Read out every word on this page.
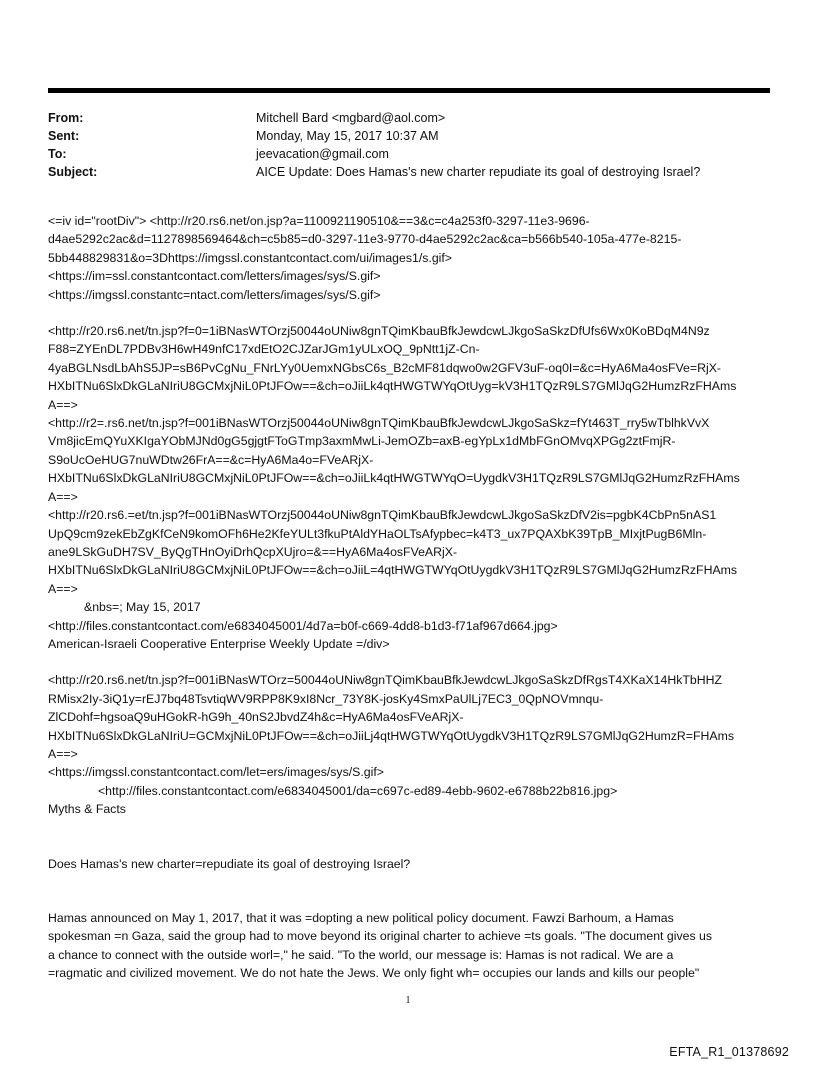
From:	Mitchell Bard <mgbard@aol.com>
Sent:	Monday, May 15, 2017 10:37 AM
To:	jeevacation@gmail.com
Subject:	AICE Update: Does Hamas's new charter repudiate its goal of destroying Israel?
<=iv id="rootDiv"> <http://r20.rs6.net/on.jsp?a=1100921190510&==3&c=c4a253f0-3297-11e3-9696-
d4ae5292c2ac&d=1127898569464&ch=c5b85=d0-3297-11e3-9770-d4ae5292c2ac&ca=b566b540-105a-477e-8215-
5bb448829831&o=3Dhttps://imgssl.constantcontact.com/ui/images1/s.gif>
<https://im=ssl.constantcontact.com/letters/images/sys/S.gif>
<https://imgssl.constantc=ntact.com/letters/images/sys/S.gif>
<http://r20.rs6.net/tn.jsp?f=0=1iBNasWTOrzj50044oUNiw8gnTQimKbauBfkJewdcwLJkgoSaSkzDfUfs6Wx0KoBDqM4N9z
F88=ZYEnDL7PDBv3H6wH49nfC17xdEtO2CJZarJGm1yULxOQ_9pNtt1jZ-Cn-
4yaBGLNsdLbAhS5JP=sB6PvCgNu_FNrLYy0UemxNGbsC6s_B2cMF81dqwo0w2GFV3uF-oq0I=&c=HyA6Ma4osFVe=RjX-
HXbITNu6SlxDkGLaNIriU8GCMxjNiL0PtJFOw==&ch=oJiiLk4qtHWGTWYqOtUyg=kV3H1TQzR9LS7GMlJqG2HumzRzFHAms
A==>
<http://r2=.rs6.net/tn.jsp?f=001iBNasWTOrzj50044oUNiw8gnTQimKbauBfkJewdcwLJkgoSaSkz=fYt463T_rry5wTblhkVvX
Vm8jicEmQYuXKIgaYObMJNd0gG5gjgtFToGTmp3axmMwLi-JemOZb=axB-egYpLx1dMbFGnOMvqXPGg2ztFmjR-
S9oUcOeHUG7nuWDtw26FrA==&c=HyA6Ma4o=FVeARjX-
HXbITNu6SlxDkGLaNIriU8GCMxjNiL0PtJFOw==&ch=oJiiLk4qtHWGTWYqO=UygdkV3H1TQzR9LS7GMlJqG2HumzRzFHAms
A==>
<http://r20.rs6.=et/tn.jsp?f=001iBNasWTOrzj50044oUNiw8gnTQimKbauBfkJewdcwLJkgoSaSkzDfV2is=pgbK4CbPn5nAS1
UpQ9cm9zekEbZgKfCeN9komOFh6He2KfeYULt3fkuPtAldYHaOLTsAfypbec=k4T3_ux7PQAXbK39TpB_MIxjtPugB6Mln-
ane9LSkGuDH7SV_ByQgTHnOyiDrhQcpXUjro=&==HyA6Ma4osFVeARjX-
HXbITNu6SlxDkGLaNIriU8GCMxjNiL0PtJFOw==&ch=oJiiL=4qtHWGTWYqOtUygdkV3H1TQzR9LS7GMlJqG2HumzRzFHAms
A==>
&nbs=; May 15, 2017
<http://files.constantcontact.com/e6834045001/4d7a=b0f-c669-4dd8-b1d3-f71af967d664.jpg>
American-Israeli Cooperative Enterprise Weekly Update =/div>
<http://r20.rs6.net/tn.jsp?f=001iBNasWTOrz=50044oUNiw8gnTQimKbauBfkJewdcwLJkgoSaSkzDfRgsT4XKaX14HkTbHHZ
RMisx2Iy-3iQ1y=rEJ7bq48TsvtiqWV9RPP8K9xI8Ncr_73Y8K-josKy4SmxPaUlLj7EC3_0QpNOVmnqu-
ZlCDohf=hgsoaQ9uHGokR-hG9h_40nS2JbvdZ4h&c=HyA6Ma4osFVeARjX-
HXbITNu6SlxDkGLaNIriU=GCMxjNiL0PtJFOw==&ch=oJiiLj4qtHWGTWYqOtUygdkV3H1TQzR9LS7GMlJqG2HumzR=FHAms
A==>
<https://imgssl.constantcontact.com/let=ers/images/sys/S.gif>
<http://files.constantcontact.com/e6834045001/da=c697c-ed89-4ebb-9602-e6788b22b816.jpg>
Myths & Facts
Does Hamas's new charter=repudiate its goal of destroying Israel?
Hamas announced on May 1, 2017, that it was =dopting a new political policy document. Fawzi Barhoum, a Hamas
spokesman =n Gaza, said the group had to move beyond its original charter to achieve =ts goals. "The document gives us
a chance to connect with the outside worl=," he said. "To the world, our message is: Hamas is not radical. We are a
=ragmatic and civilized movement. We do not hate the Jews. We only fight wh= occupies our lands and kills our people"
1
EFTA_R1_01378692
